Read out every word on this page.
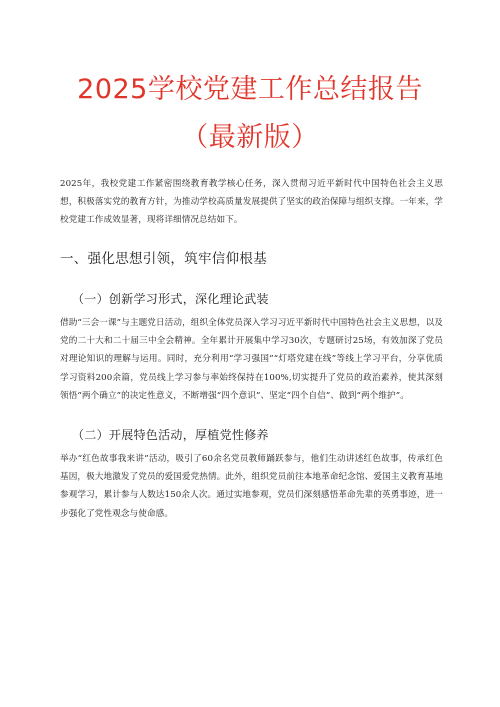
2025学校党建工作总结报告（最新版）

2025年，我校党建工作紧密围绕教育教学核心任务，深入贯彻习近平新时代中国特色社会主义思想，积极落实党的教育方针，为推动学校高质量发展提供了坚实的政治保障与组织支撑。一年来，学校党建工作成效显著，现将详细情况总结如下。

一、强化思想引领，筑牢信仰根基
（一）创新学习形式，深化理论武装

借助“三会一课”与主题党日活动，组织全体党员深入学习习近平新时代中国特色社会主义思想，以及党的二十大和二十届三中全会精神。全年累计开展集中学习30次，专题研讨25场，有效加深了党员对理论知识的理解与运用。同时，充分利用“学习强国”“灯塔党建在线”等线上学习平台，分享优质学习资料200余篇，党员线上学习参与率始终保持在100%,切实提升了党员的政治素养，使其深刻领悟“两个确立”的决定性意义，不断增强“四个意识”、坚定“四个自信”、做到“两个维护”。

（二）开展特色活动，厚植党性修养

举办“红色故事我来讲”活动，吸引了60余名党员教师踊跃参与，他们生动讲述红色故事，传承红色基因，极大地激发了党员的爱国爱党热情。此外，组织党员前往本地革命纪念馆、爱国主义教育基地参观学习，累计参与人数达150余人次。通过实地参观，党员们深刻感悟革命先辈的英勇事迹，进一步强化了党性观念与使命感。
